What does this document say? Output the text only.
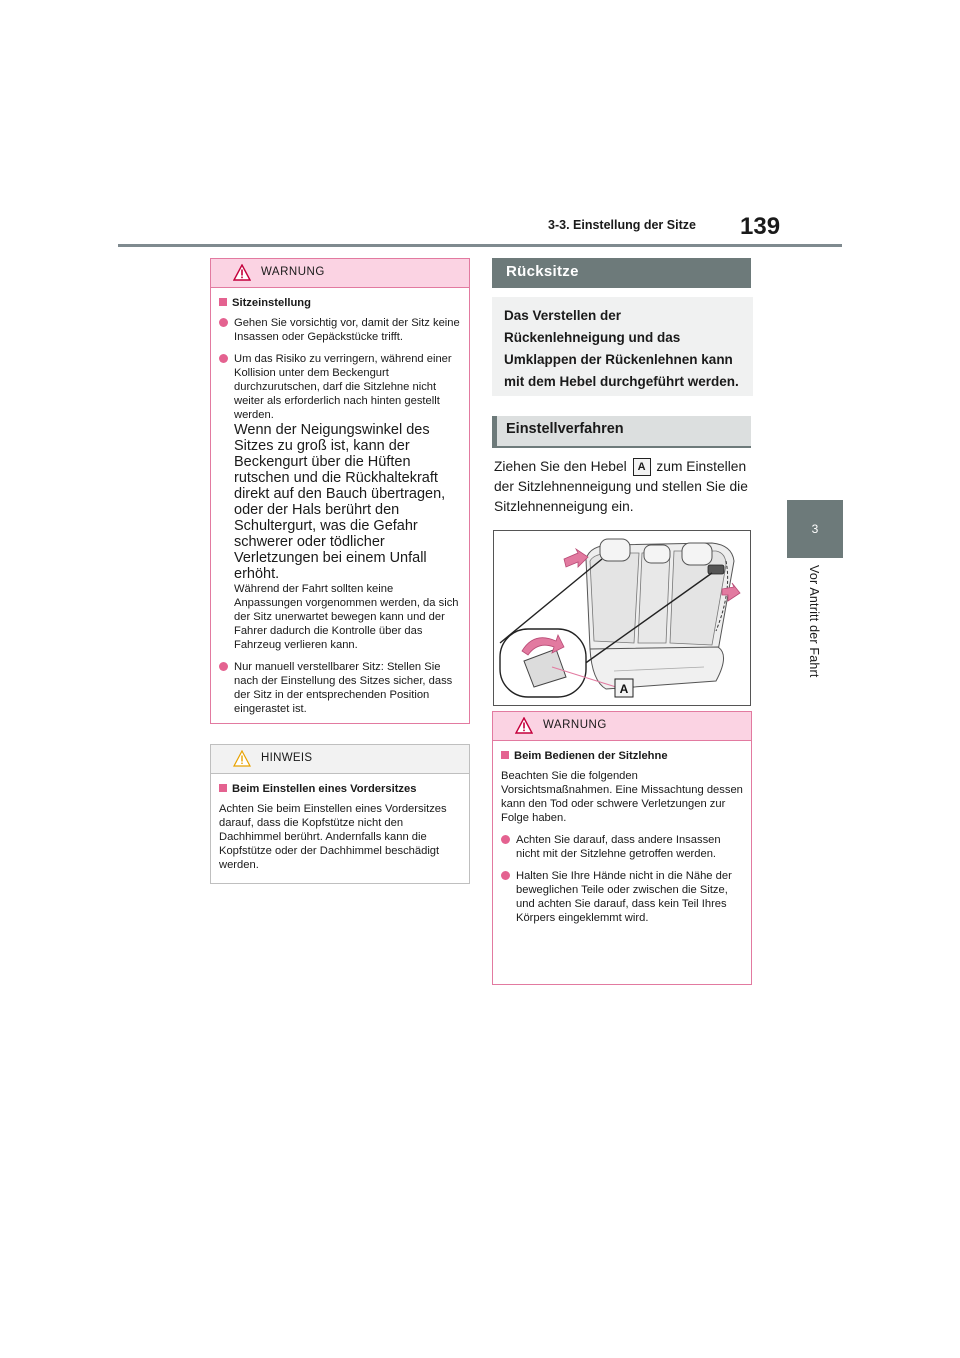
3-3. Einstellung der Sitze 139
3
Vor Antritt der Fahrt
WARNUNG
Sitzeinstellung
Gehen Sie vorsichtig vor, damit der Sitz keine Insassen oder Gepäckstücke trifft.
Um das Risiko zu verringern, während einer Kollision unter dem Beckengurt durchzurutschen, darf die Sitzlehne nicht weiter als erforderlich nach hinten gestellt werden.
Wenn der Neigungswinkel des Sitzes zu groß ist, kann der Beckengurt über die Hüften rutschen und die Rückhaltekraft direkt auf den Bauch übertragen, oder der Hals berührt den Schultergurt, was die Gefahr schwerer oder tödlicher Verletzungen bei einem Unfall erhöht.
Während der Fahrt sollten keine Anpassungen vorgenommen werden, da sich der Sitz unerwartet bewegen kann und der Fahrer dadurch die Kontrolle über das Fahrzeug verlieren kann.
Nur manuell verstellbarer Sitz: Stellen Sie nach der Einstellung des Sitzes sicher, dass der Sitz in der entsprechenden Position eingerastet ist.
HINWEIS
Beim Einstellen eines Vordersitzes

Achten Sie beim Einstellen eines Vordersitzes darauf, dass die Kopfstütze nicht den Dachhimmel berührt. Andernfalls kann die Kopfstütze oder der Dachhimmel beschädigt werden.

Rücksitze
Das Verstellen der Rückenlehneigung und das Umklappen der Rückenlehnen kann mit dem Hebel durchgeführt werden.
Einstellverfahren
Ziehen Sie den Hebel A zum Einstellen der Sitzlehnenneigung und stellen Sie die Sitzlehnenneigung ein.
A
WARNUNG
Beim Bedienen der Sitzlehne

Beachten Sie die folgenden Vorsichtsmaßnahmen. Eine Missachtung dessen kann den Tod oder schwere Verletzungen zur Folge haben.

Achten Sie darauf, dass andere Insassen nicht mit der Sitzlehne getroffen werden.
Halten Sie Ihre Hände nicht in die Nähe der beweglichen Teile oder zwischen die Sitze, und achten Sie darauf, dass kein Teil Ihres Körpers eingeklemmt wird.
